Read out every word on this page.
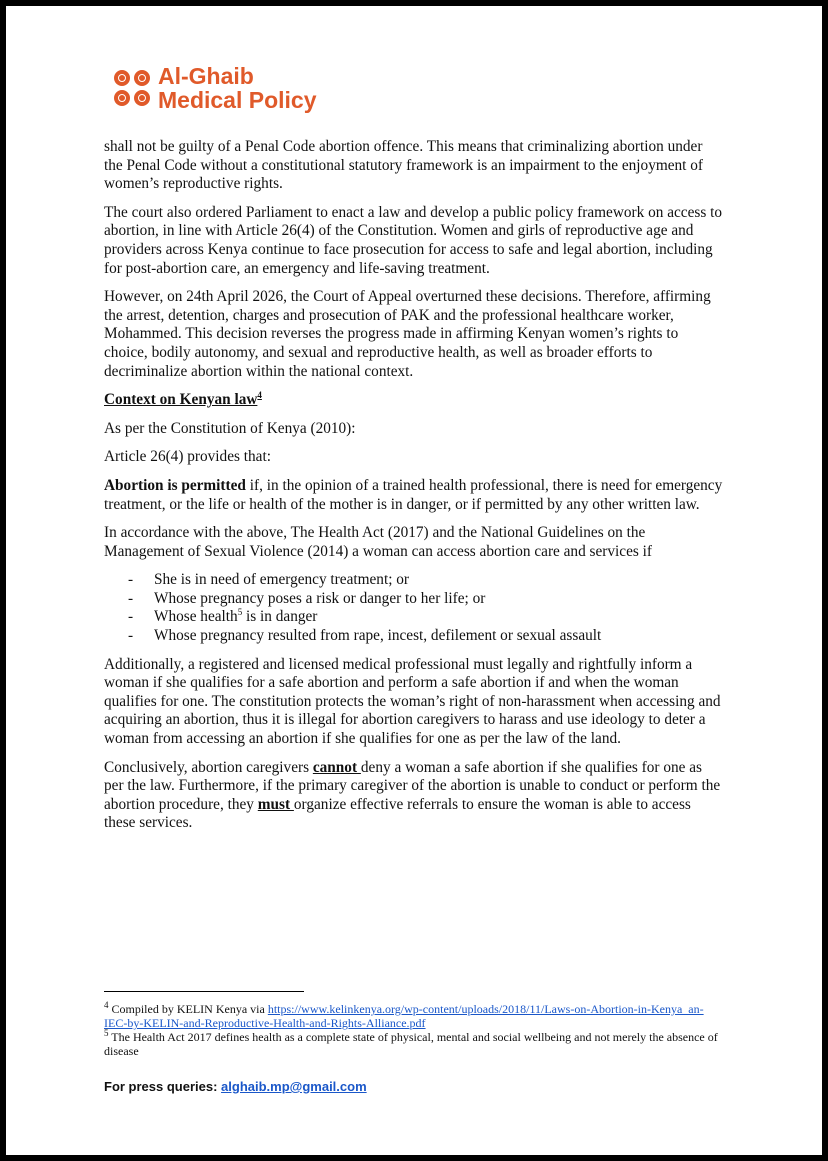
Al-Ghaib
Medical Policy

shall not be guilty of a Penal Code abortion offence. This means that criminalizing abortion under the Penal Code without a constitutional statutory framework is an impairment to the enjoyment of women’s reproductive rights.

The court also ordered Parliament to enact a law and develop a public policy framework on access to abortion, in line with Article 26(4) of the Constitution. Women and girls of reproductive age and providers across Kenya continue to face prosecution for access to safe and legal abortion, including for post-abortion care, an emergency and life-saving treatment.

However, on 24th April 2026, the Court of Appeal overturned these decisions. Therefore, affirming the arrest, detention, charges and prosecution of PAK and the professional healthcare worker, Mohammed. This decision reverses the progress made in affirming Kenyan women’s rights to choice, bodily autonomy, and sexual and reproductive health, as well as broader efforts to decriminalize abortion within the national context.

Context on Kenyan law$^4$

As per the Constitution of Kenya (2010):

Article 26(4) provides that:

Abortion is permitted if, in the opinion of a trained health professional, there is need for emergency treatment, or the life or health of the mother is in danger, or if permitted by any other written law.

In accordance with the above, The Health Act (2017) and the National Guidelines on the Management of Sexual Violence (2014) a woman can access abortion care and services if

- She is in need of emergency treatment; or
- Whose pregnancy poses a risk or danger to her life; or
- Whose health$^5$ is in danger
- Whose pregnancy resulted from rape, incest, defilement or sexual assault

Additionally, a registered and licensed medical professional must legally and rightfully inform a woman if she qualifies for a safe abortion and perform a safe abortion if and when the woman qualifies for one. The constitution protects the woman’s right of non-harassment when accessing and acquiring an abortion, thus it is illegal for abortion caregivers to harass and use ideology to deter a woman from accessing an abortion if she qualifies for one as per the law of the land.

Conclusively, abortion caregivers cannot deny a woman a safe abortion if she qualifies for one as per the law. Furthermore, if the primary caregiver of the abortion is unable to conduct or perform the abortion procedure, they must organize effective referrals to ensure the woman is able to access these services.

$^4$ Compiled by KELIN Kenya via https://www.kelinkenya.org/wp-content/uploads/2018/11/Laws-on-Abortion-in-Kenya_an-IEC-by-KELIN-and-Reproductive-Health-and-Rights-Alliance.pdf

$^5$ The Health Act 2017 defines health as a complete state of physical, mental and social wellbeing and not merely the absence of disease

For press queries: alghaib.mp@gmail.com
